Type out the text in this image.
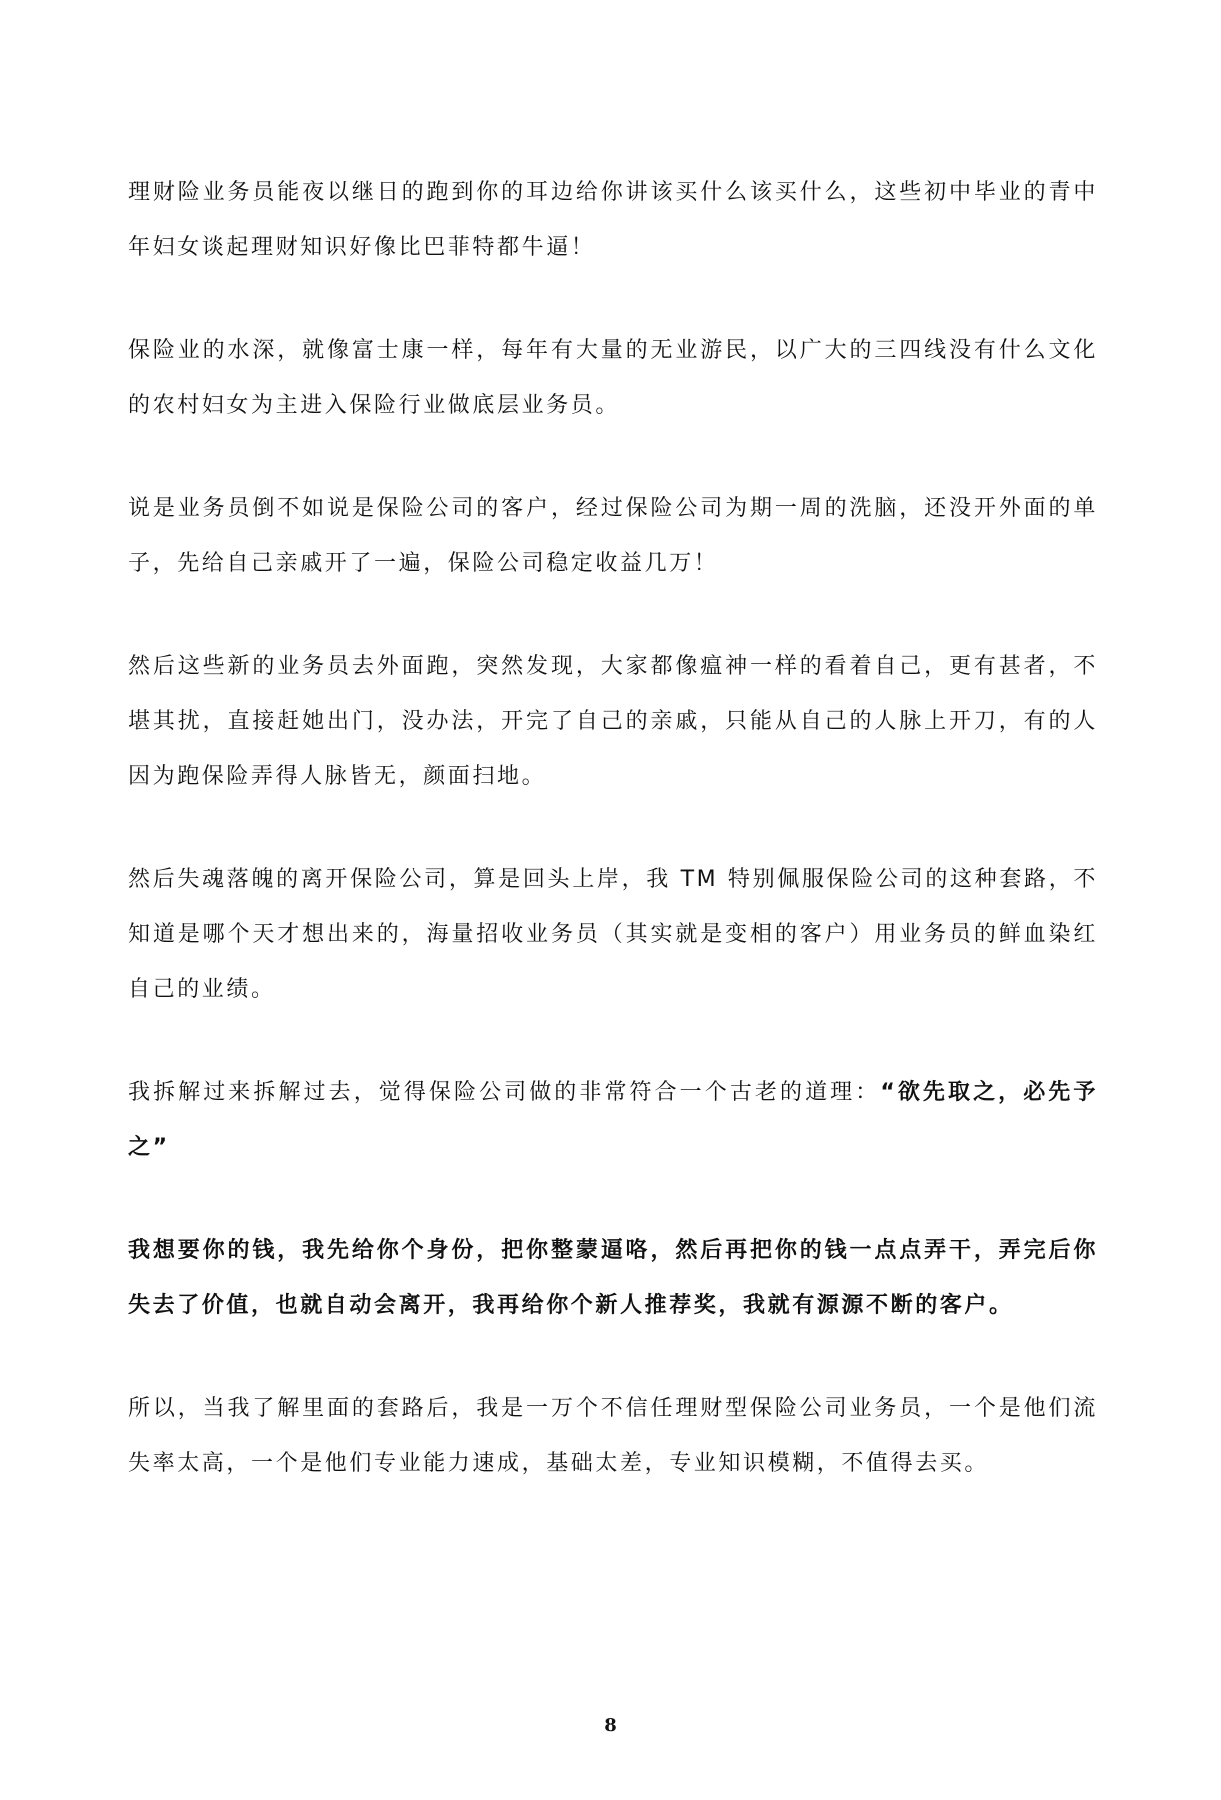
理财险业务员能夜以继日的跑到你的耳边给你讲该买什么该买什么，这些初中毕业的青中年妇女谈起理财知识好像比巴菲特都牛逼！

保险业的水深，就像富士康一样，每年有大量的无业游民，以广大的三四线没有什么文化的农村妇女为主进入保险行业做底层业务员。

说是业务员倒不如说是保险公司的客户，经过保险公司为期一周的洗脑，还没开外面的单子，先给自己亲戚开了一遍，保险公司稳定收益几万！

然后这些新的业务员去外面跑，突然发现，大家都像瘟神一样的看着自己，更有甚者，不堪其扰，直接赶她出门，没办法，开完了自己的亲戚，只能从自己的人脉上开刀，有的人因为跑保险弄得人脉皆无，颜面扫地。

然后失魂落魄的离开保险公司，算是回头上岸，我 TM 特别佩服保险公司的这种套路，不知道是哪个天才想出来的，海量招收业务员（其实就是变相的客户）用业务员的鲜血染红自己的业绩。

我拆解过来拆解过去，觉得保险公司做的非常符合一个古老的道理：“欲先取之，必先予之”

我想要你的钱，我先给你个身份，把你整蒙逼咯，然后再把你的钱一点点弄干，弄完后你失去了价值，也就自动会离开，我再给你个新人推荐奖，我就有源源不断的客户。

所以，当我了解里面的套路后，我是一万个不信任理财型保险公司业务员，一个是他们流失率太高，一个是他们专业能力速成，基础太差，专业知识模糊，不值得去买。

8
